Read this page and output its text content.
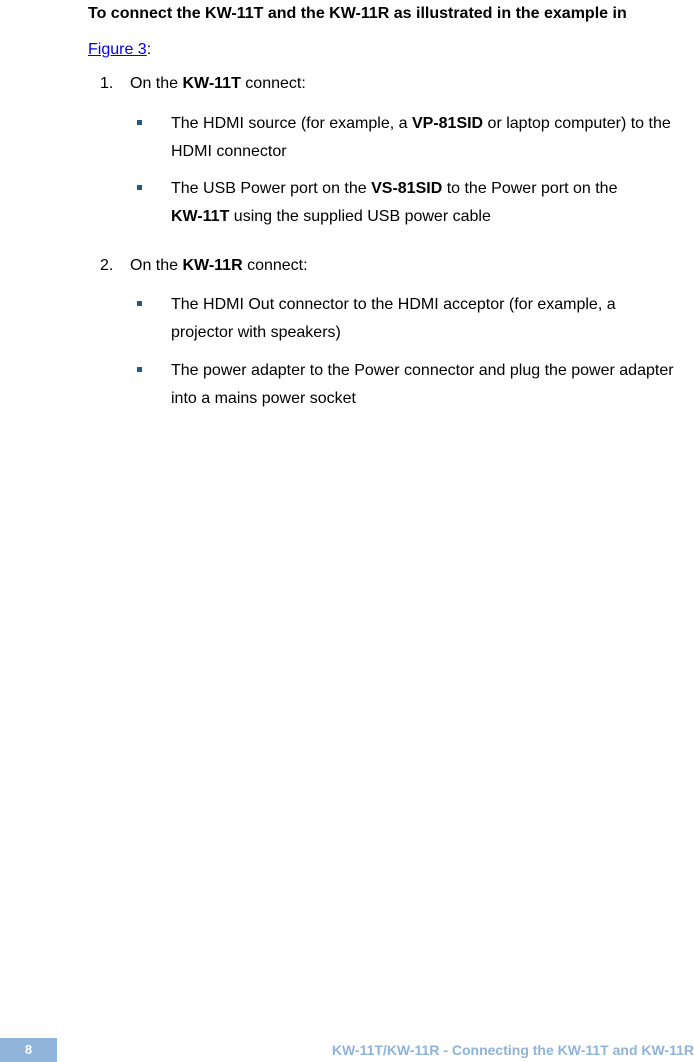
To connect the KW-11T and the KW-11R as illustrated in the example in
Figure 3:
1. On the KW-11T connect:
The HDMI source (for example, a VP-81SID or laptop computer) to the
HDMI connector
The USB Power port on the VS-81SID to the Power port on the
KW-11T using the supplied USB power cable
2. On the KW-11R connect:
The HDMI Out connector to the HDMI acceptor (for example, a
projector with speakers)
The power adapter to the Power connector and plug the power adapter
into a mains power socket
8	KW-11T/KW-11R - Connecting the KW-11T and KW-11R
